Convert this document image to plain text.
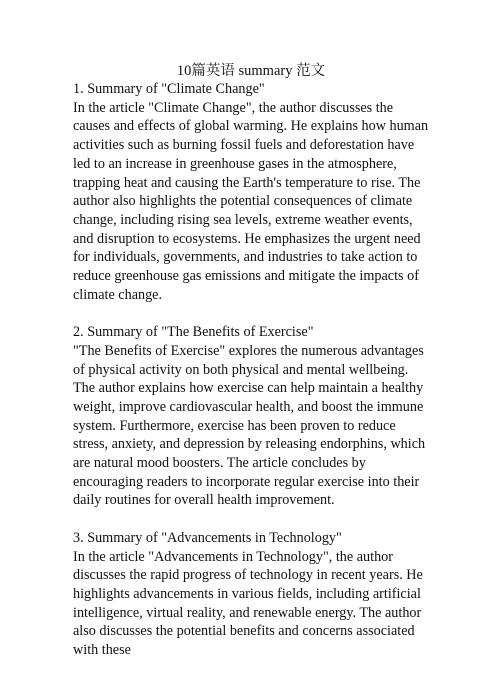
10篇英语 summary 范文

1. Summary of "Climate Change"

In the article "Climate Change", the author discusses the causes and effects of global warming. He explains how human activities such as burning fossil fuels and deforestation have led to an increase in greenhouse gases in the atmosphere, trapping heat and causing the Earth's temperature to rise. The author also highlights the potential consequences of climate change, including rising sea levels, extreme weather events, and disruption to ecosystems. He emphasizes the urgent need for individuals, governments, and industries to take action to reduce greenhouse gas emissions and mitigate the impacts of climate change.

2. Summary of "The Benefits of Exercise"

"The Benefits of Exercise" explores the numerous advantages of physical activity on both physical and mental wellbeing. The author explains how exercise can help maintain a healthy weight, improve cardiovascular health, and boost the immune system. Furthermore, exercise has been proven to reduce stress, anxiety, and depression by releasing endorphins, which are natural mood boosters. The article concludes by encouraging readers to incorporate regular exercise into their daily routines for overall health improvement.

3. Summary of "Advancements in Technology"

In the article "Advancements in Technology", the author discusses the rapid progress of technology in recent years. He highlights advancements in various fields, including artificial intelligence, virtual reality, and renewable energy. The author also discusses the potential benefits and concerns associated with these
